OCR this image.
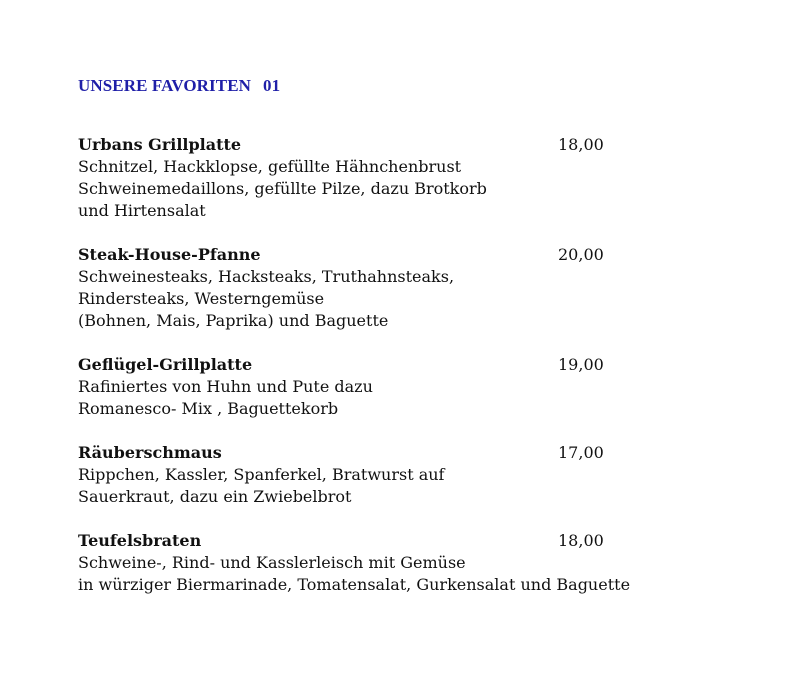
UNSERE FAVORITEN 01
Urbans Grillplatte	18,00
Schnitzel, Hackklopse, gefüllte Hähnchenbrust
Schweinemedaillons, gefüllte Pilze, dazu Brotkorb
und Hirtensalat
Steak-House-Pfanne	20,00
Schweinesteaks, Hacksteaks, Truthahnsteaks,
Rindersteaks, Westerngemüse
(Bohnen, Mais, Paprika) und Baguette
Geflügel-Grillplatte	19,00
Rafiniertes von Huhn und Pute dazu
Romanesco- Mix , Baguettekorb
Räuberschmaus	17,00
Rippchen, Kassler, Spanferkel, Bratwurst auf
Sauerkraut, dazu ein Zwiebelbrot
Teufelsbraten	18,00
Schweine-, Rind- und Kasslerleisch mit Gemüse
in würziger Biermarinade, Tomatensalat, Gurkensalat und Baguette
